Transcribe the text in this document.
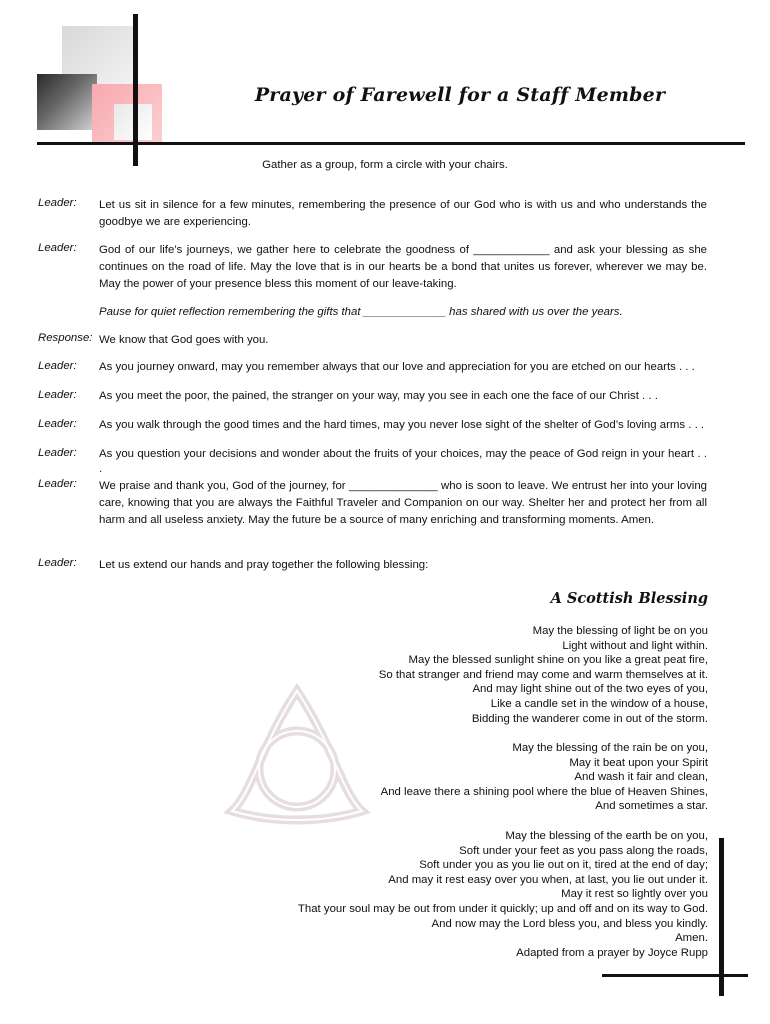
Prayer of Farewell for a Staff Member
Gather as a group, form a circle with your chairs.
Leader: Let us sit in silence for a few minutes, remembering the presence of our God who is with us and who understands the goodbye we are experiencing.
Leader: God of our life’s journeys, we gather here to celebrate the goodness of ____________ and ask your blessing as she continues on the road of life. May the love that is in our hearts be a bond that unites us forever, wherever we may be. May the power of your presence bless this moment of our leave-taking.
Pause for quiet reflection remembering the gifts that _____________ has shared with us over the years.
Response: We know that God goes with you.
Leader: As you journey onward, may you remember always that our love and appreciation for you are etched on our hearts . . .
Leader: As you meet the poor, the pained, the stranger on your way, may you see in each one the face of our Christ . . .
Leader: As you walk through the good times and the hard times, may you never lose sight of the shelter of God’s loving arms . . .
Leader: As you question your decisions and wonder about the fruits of your choices, may the peace of God reign in your heart . . .
Leader: We praise and thank you, God of the journey, for ______________ who is soon to leave. We entrust her into your loving care, knowing that you are always the Faithful Traveler and Companion on our way. Shelter her and protect her from all harm and all useless anxiety. May the future be a source of many enriching and transforming moments. Amen.
Leader: Let us extend our hands and pray together the following blessing:
A Scottish Blessing
May the blessing of light be on you
Light without and light within.
May the blessed sunlight shine on you like a great peat fire,
So that stranger and friend may come and warm themselves at it.
And may light shine out of the two eyes of you,
Like a candle set in the window of a house,
Bidding the wanderer come in out of the storm.
May the blessing of the rain be on you,
May it beat upon your Spirit
And wash it fair and clean,
And leave there a shining pool where the blue of Heaven Shines,
And sometimes a star.
May the blessing of the earth be on you,
Soft under your feet as you pass along the roads,
Soft under you as you lie out on it, tired at the end of day;
And may it rest easy over you when, at last, you lie out under it.
May it rest so lightly over you
That your soul may be out from under it quickly; up and off and on its way to God.
And now may the Lord bless you, and bless you kindly.
Amen.
Adapted from a prayer by Joyce Rupp
